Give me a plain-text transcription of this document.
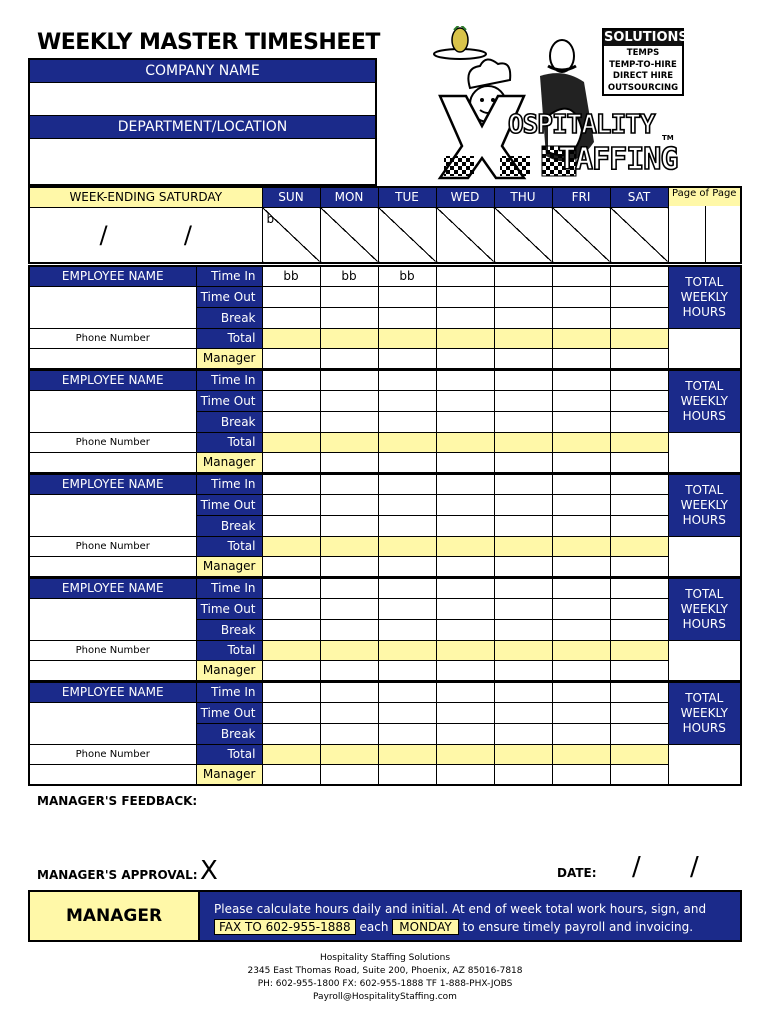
WEEKLY MASTER TIMESHEET
COMPANY NAME
DEPARTMENT/LOCATION
SOLUTIONS
TEMPS
TEMP-TO-HIRE
DIRECT HIRE
OUTSOURCING
OSPITALITY
TAFFING
TM
WEEK-ENDING SATURDAY	SUN	MON	TUE	WED	THU	FRI	SAT	Page of Page

/          /	b							
EMPLOYEE NAME	Time In	bb	bb	bb					TOTAL
WEEKLY
HOURS

	Time Out								
	Break								
Phone Number	Total								
	Manager								
EMPLOYEE NAME	Time In								TOTAL
WEEKLY
HOURS

	Time Out								
	Break								
Phone Number	Total								
	Manager								
EMPLOYEE NAME	Time In								TOTAL
WEEKLY
HOURS

	Time Out								
	Break								
Phone Number	Total								
	Manager								
EMPLOYEE NAME	Time In								TOTAL
WEEKLY
HOURS

	Time Out								
	Break								
Phone Number	Total								
	Manager								
EMPLOYEE NAME	Time In								TOTAL
WEEKLY
HOURS

	Time Out								
	Break								
Phone Number	Total								
	Manager								
MANAGER'S FEEDBACK:
MANAGER'S APPROVAL: X	DATE: / /
MANAGER	Please calculate hours daily and initial. At end of week total work hours, sign, and
FAX TO 602-955-1888 each MONDAY to ensure timely payroll and invoicing.
Hospitality Staffing Solutions
2345 East Thomas Road, Suite 200, Phoenix, AZ 85016-7818
PH: 602-955-1800 FX: 602-955-1888 TF 1-888-PHX-JOBS
Payroll@HospitalityStaffing.com
